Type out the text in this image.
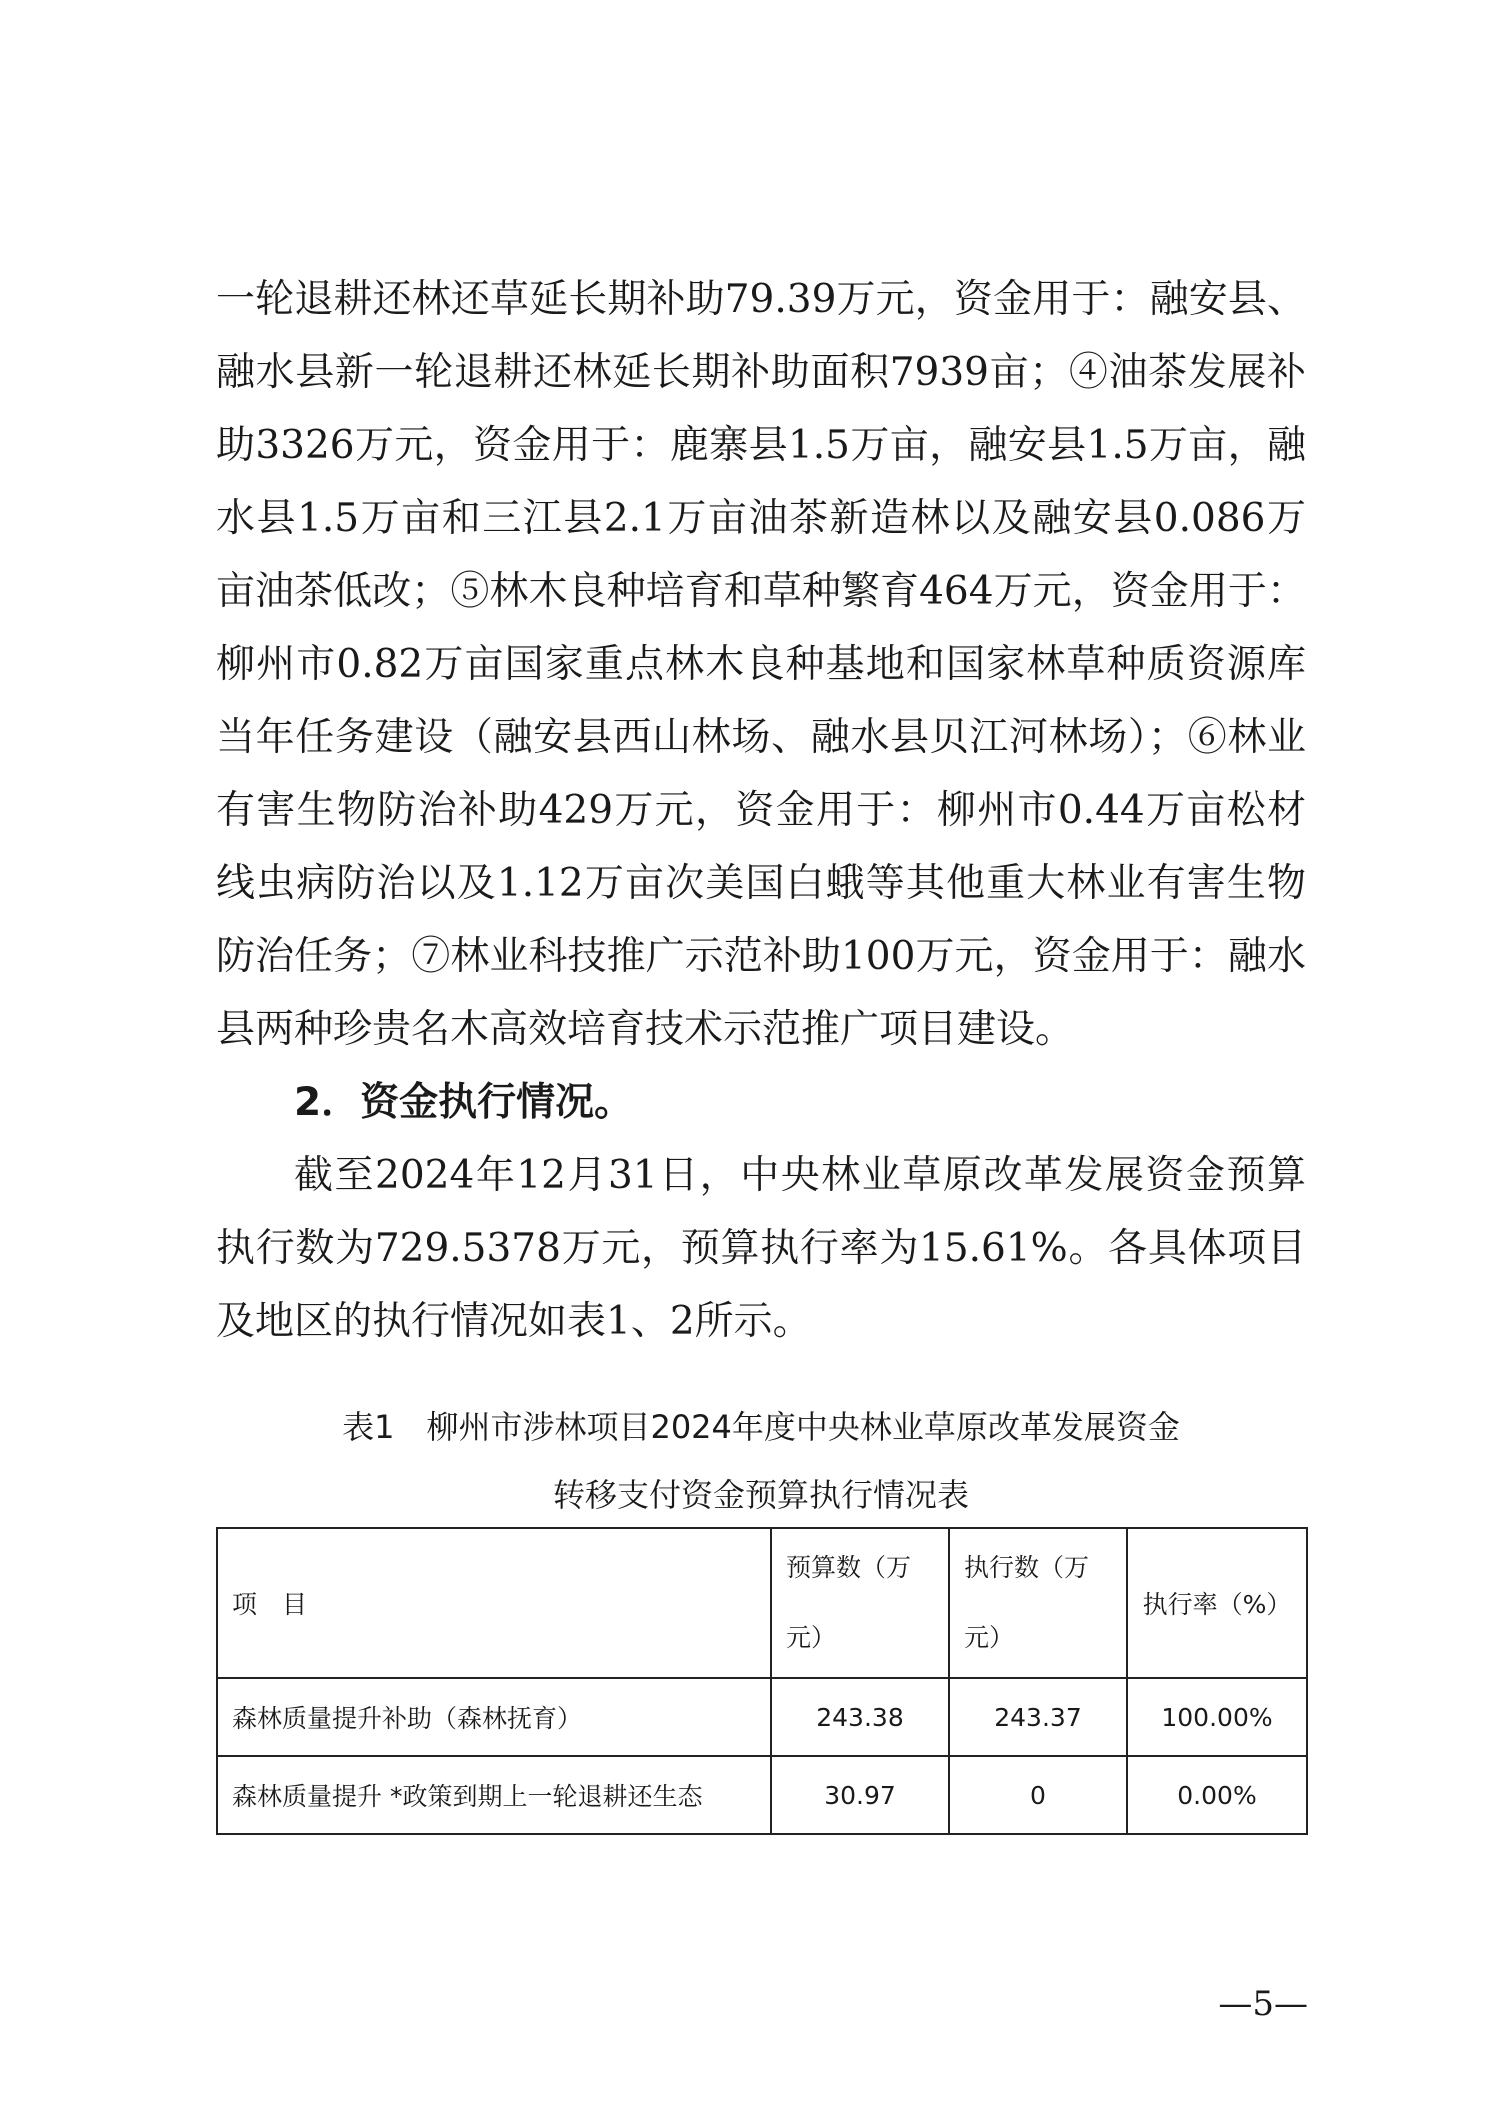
一轮退耕还林还草延长期补助79.39万元，资金用于：融安县、融水县新一轮退耕还林延长期补助面积7939亩；④油茶发展补助3326万元，资金用于：鹿寨县1.5万亩，融安县1.5万亩，融水县1.5万亩和三江县2.1万亩油茶新造林以及融安县0.086万亩油茶低改；⑤林木良种培育和草种繁育464万元，资金用于：柳州市0.82万亩国家重点林木良种基地和国家林草种质资源库当年任务建设（融安县西山林场、融水县贝江河林场）；⑥林业有害生物防治补助429万元，资金用于：柳州市0.44万亩松材线虫病防治以及1.12万亩次美国白蛾等其他重大林业有害生物防治任务；⑦林业科技推广示范补助100万元，资金用于：融水县两种珍贵名木高效培育技术示范推广项目建设。

2．资金执行情况。

截至2024年12月31日，中央林业草原改革发展资金预算执行数为729.5378万元，预算执行率为15.61%。各具体项目及地区的执行情况如表1、2所示。

表1　柳州市涉林项目2024年度中央林业草原改革发展资金
转移支付资金预算执行情况表
项　目	预算数（万元）	执行数（万元）	执行率（%）
森林质量提升补助（森林抚育）	243.38	243.37	100.00%
森林质量提升 *政策到期上一轮退耕还生态	30.97	0	0.00%
—5—
